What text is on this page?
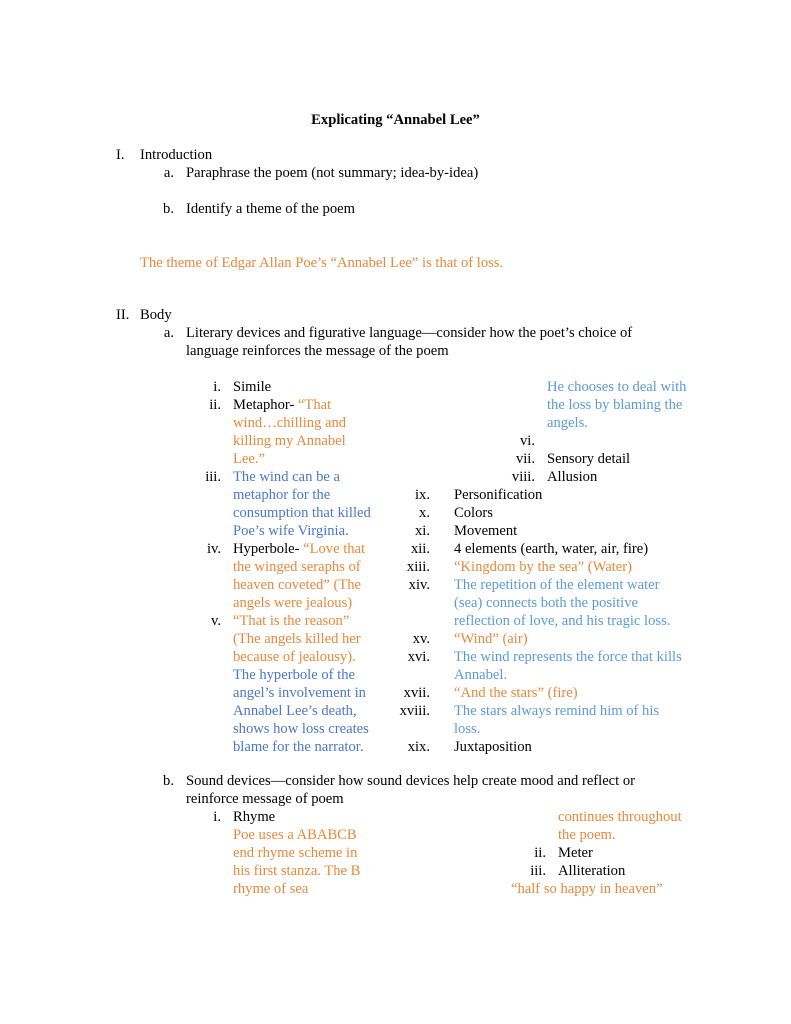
Explicating “Annabel Lee”
I. Introduction
a. Paraphrase the poem (not summary; idea-by-idea)
b. Identify a theme of the poem
The theme of Edgar Allan Poe’s “Annabel Lee” is that of loss.
II. Body
a. Literary devices and figurative language—consider how the poet’s choice of
language reinforces the message of the poem
i. Simile
ii. Metaphor- “That
wind…chilling and
killing my Annabel
Lee.”
iii. The wind can be a
metaphor for the
consumption that killed
Poe’s wife Virginia.
iv. Hyperbole- “Love that
the winged seraphs of
heaven coveted” (The
angels were jealous)
v. “That is the reason”
(The angels killed her
because of jealousy).
The hyperbole of the
angel’s involvement in
Annabel Lee’s death,
shows how loss creates
blame for the narrator.
He chooses to deal with
the loss by blaming the
angels.
vi.
vii. Sensory detail
viii. Allusion
ix. Personification
x. Colors
xi. Movement
xii. 4 elements (earth, water, air, fire)
xiii. “Kingdom by the sea” (Water)
xiv. The repetition of the element water
(sea) connects both the positive
reflection of love, and his tragic loss.
xv. “Wind” (air)
xvi. The wind represents the force that kills
Annabel.
xvii. “And the stars” (fire)
xviii. The stars always remind him of his
loss.
xix. Juxtaposition
b. Sound devices—consider how sound devices help create mood and reflect or
reinforce message of poem
i. Rhyme
Poe uses a ABABCB
end rhyme scheme in
his first stanza. The B
rhyme of sea
continues throughout
the poem.
ii. Meter
iii. Alliteration
“half so happy in heaven”
